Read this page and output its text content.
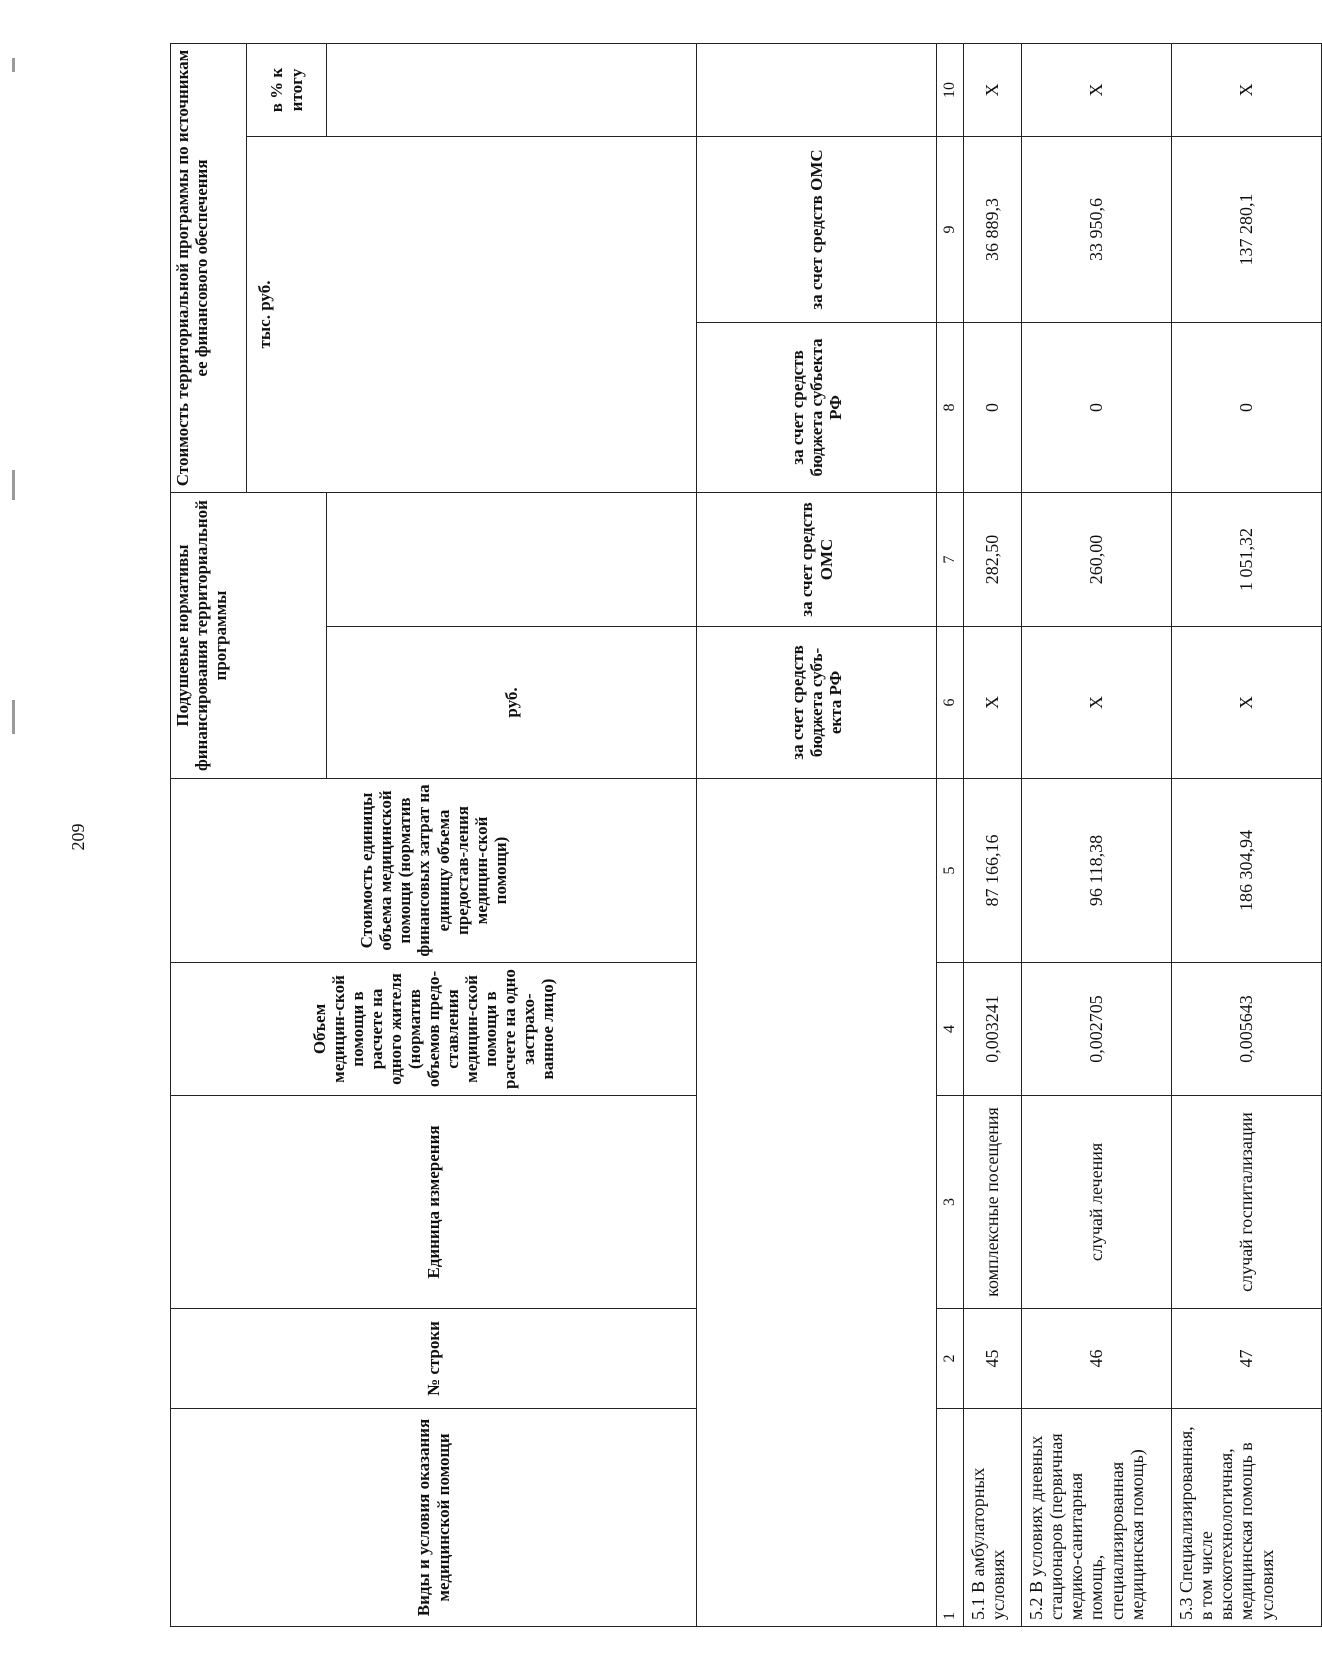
209
Виды и условия оказания медицинской помощи	№ строки	Единица измерения	Объем медицин-ской помощи в расчете на одного жителя (норматив объемов предо-ставления медицин-ской помощи в расчете на одно застрахо-ванное лицо)	Стоимость единицы объема медицинской помощи (норматив финансовых затрат на единицу объема предостав-ления медицин-ской помощи)	Подушевые нормативы финансирования территориальной программы		Стоимость территориальной программы по источникам ее финансового обеспечения		
							тыс. руб.		в % к итогу
					руб.				
					за счет средств бюджета субъ-екта РФ	за счет средств ОМС	за счет средств бюджета субъекта РФ	за счет средств ОМС	
1	2	3	4	5	6	7	8	9	10
5.1 В амбулаторных условиях	45	комплексные посещения	0,003241	87 166,16	Х	282,50	0	36 889,3	Х
5.2 В условиях дневных стационаров (первичная медико-санитарная помощь, специализированная медицинская помощь)	46	случай лечения	0,002705	96 118,38	Х	260,00	0	33 950,6	Х
5.3 Специализированная, в том числе высокотехнологичная, медицинская помощь в условиях	47	случай госпитализации	0,005643	186 304,94	Х	1 051,32	0	137 280,1	Х
